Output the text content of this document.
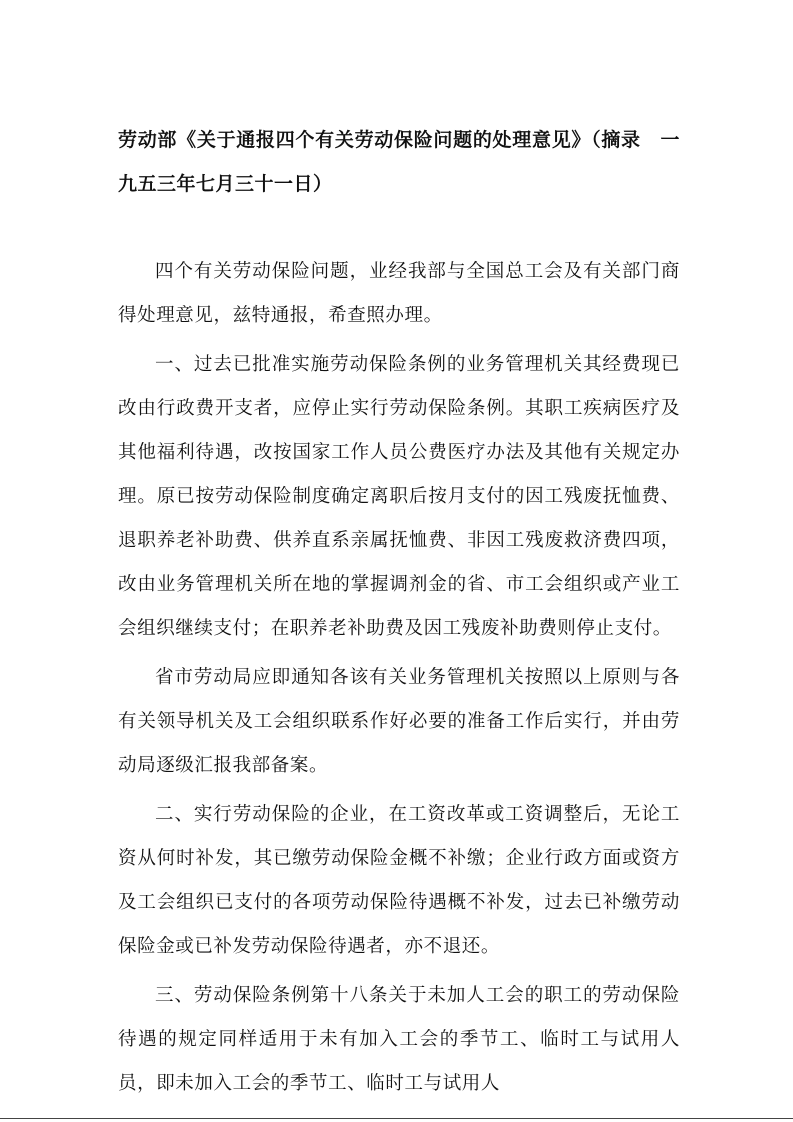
劳动部《关于通报四个有关劳动保险问题的处理意见》（摘录　一九五三年七月三十一日）

四个有关劳动保险问题，业经我部与全国总工会及有关部门商得处理意见，兹特通报，希查照办理。

一、过去已批准实施劳动保险条例的业务管理机关其经费现已改由行政费开支者，应停止实行劳动保险条例。其职工疾病医疗及其他福利待遇，改按国家工作人员公费医疗办法及其他有关规定办理。原已按劳动保险制度确定离职后按月支付的因工残废抚恤费、退职养老补助费、供养直系亲属抚恤费、非因工残废救济费四项，改由业务管理机关所在地的掌握调剂金的省、市工会组织或产业工会组织继续支付；在职养老补助费及因工残废补助费则停止支付。

省市劳动局应即通知各该有关业务管理机关按照以上原则与各有关领导机关及工会组织联系作好必要的准备工作后实行，并由劳动局逐级汇报我部备案。

二、实行劳动保险的企业，在工资改革或工资调整后，无论工资从何时补发，其已缴劳动保险金概不补缴；企业行政方面或资方及工会组织已支付的各项劳动保险待遇概不补发，过去已补缴劳动保险金或已补发劳动保险待遇者，亦不退还。

三、劳动保险条例第十八条关于未加人工会的职工的劳动保险待遇的规定同样适用于未有加入工会的季节工、临时工与试用人员，即未加入工会的季节工、临时工与试用人
